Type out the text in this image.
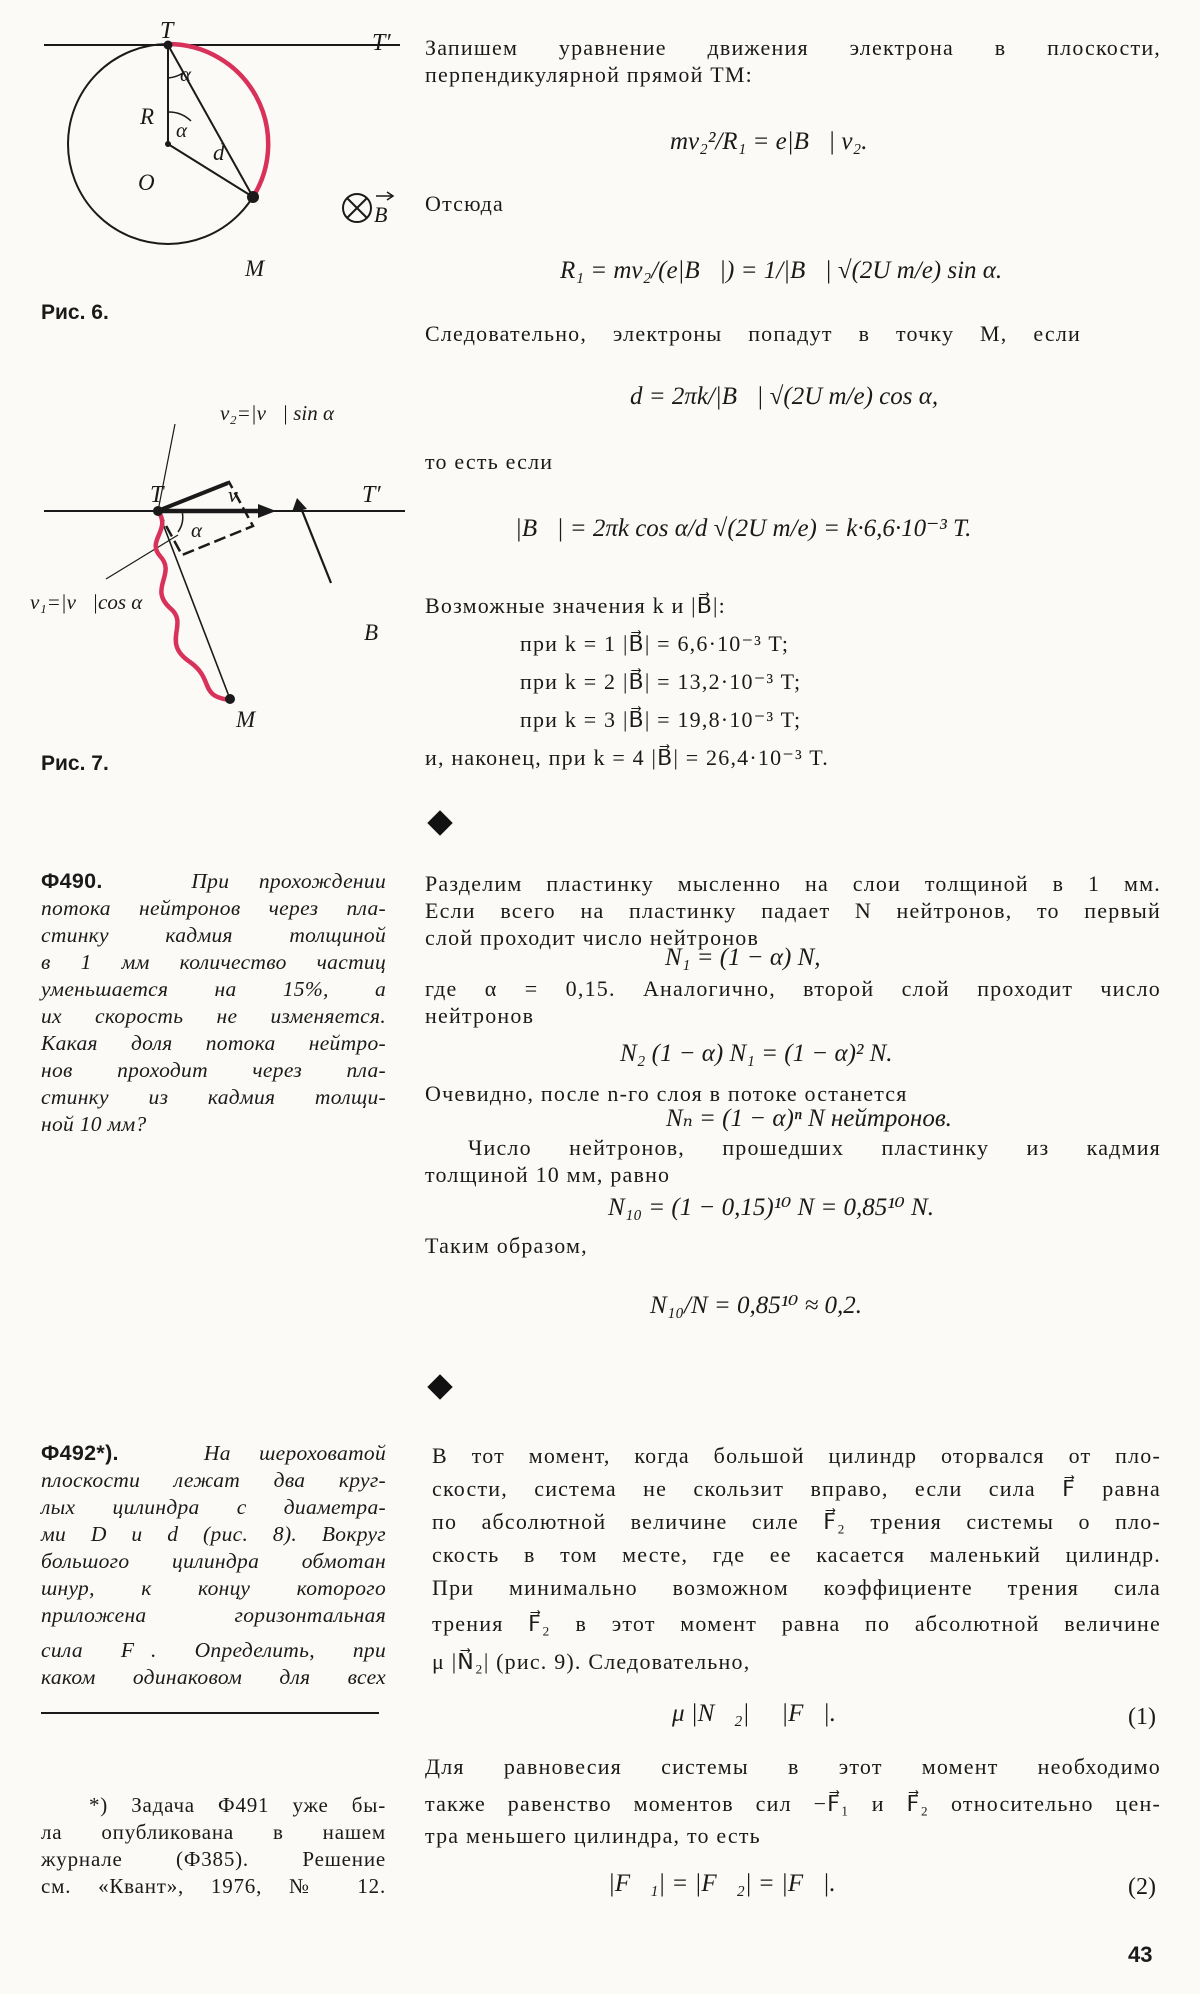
T	T′
α
R
α
d
O
M
B
Рис. 6.
v₂=|v⃗| sin α
T	v	T′
α
v₁=|v⃗|cos α
B
M
Рис. 7.
Запишем уравнение движения электрона в плоскости,
перпендикулярной прямой TM:
mv₂²/R₁ = e|B⃗| v₂.
Отсюда
R₁ = mv₂/(e|B⃗|) = 1/|B⃗| √(2U m/e) sin α.
Следовательно, электроны попадут в точку M, если
d = 2πk/|B⃗| √(2U m/e) cos α,
то есть если
|B⃗| = 2πk cos α/d √(2U m/e) = k·6,6·10⁻³ T.
Возможные значения k и |B⃗|:
при k = 1 |B⃗| = 6,6·10⁻³ T;
при k = 2 |B⃗| = 13,2·10⁻³ T;
при k = 3 |B⃗| = 19,8·10⁻³ T;
и, наконец, при k = 4 |B⃗| = 26,4·10⁻³ T.
Ф490.	При прохождении
потока нейтронов через пла-
стинку кадмия толщиной
в 1 мм количество частиц
уменьшается на 15%, а
их скорость не изменяется.
Какая доля потока нейтро-
нов проходит через пла-
стинку из кадмия толщи-
ной 10 мм?
Разделим пластинку мысленно на слои толщиной в 1 мм.
Если всего на пластинку падает N нейтронов, то первый
слой проходит число нейтронов
N₁ = (1 − α) N,
где α = 0,15. Аналогично, второй слой проходит число
нейтронов
N₂ (1 − α) N₁ = (1 − α)² N.
Очевидно, после n-го слоя в потоке останется
Nₙ = (1 − α)ⁿ N нейтронов.
Число нейтронов, прошедших пластинку из кадмия
толщиной 10 мм, равно
N₁₀ = (1 − 0,15)¹⁰ N = 0,85¹⁰ N.
Таким образом,
N₁₀/N = 0,85¹⁰ ≈ 0,2.
Ф492*).	На шероховатой
плоскости лежат два круг-
лых цилиндра с диаметра-
ми D и d (рис. 8). Вокруг
большого цилиндра обмотан
шнур, к концу которого
приложена горизонтальная
сила F⃗. Определить, при
каком одинаковом для всех
*) Задача Ф491 уже бы-
ла опубликована в нашем
журнале (Ф385). Решение
см. «Квант», 1976, № 12.
В тот момент, когда большой цилиндр оторвался от пло-
скости, система не скользит вправо, если сила F⃗ равна
по абсолютной величине силе F⃗₂ трения системы о пло-
скость в том месте, где ее касается маленький цилиндр.
При минимально возможном коэффициенте трения сила
трения F⃗₂ в этот момент равна по абсолютной величине
μ |N⃗₂| (рис. 9). Следовательно,
μ |N⃗₂| ⩾ |F⃗|.	(1)
Для равновесия системы в этот момент необходимо
также равенство моментов сил −F⃗₁ и F⃗₂ относительно цен-
тра меньшего цилиндра, то есть
|F⃗₁| = |F⃗₂| = |F⃗|.	(2)
43
